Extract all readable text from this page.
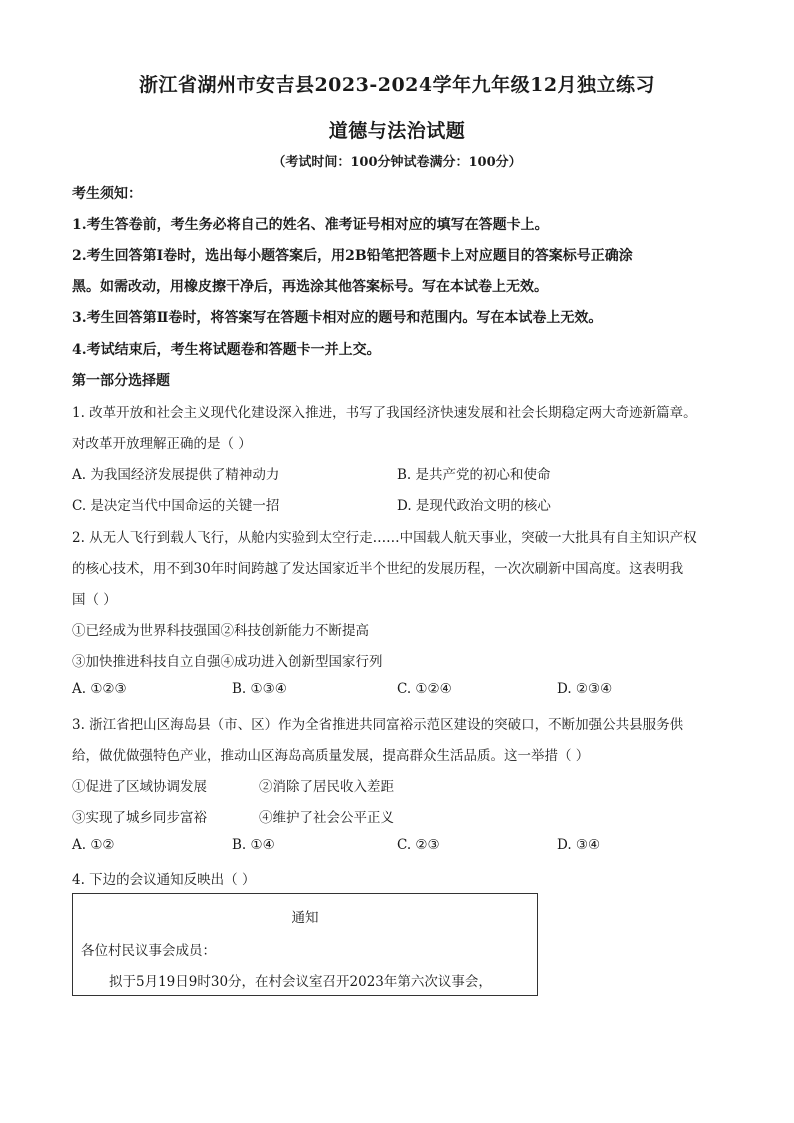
浙江省湖州市安吉县2023-2024学年九年级12月独立练习
道德与法治试题
（考试时间：100分钟试卷满分：100分）
考生须知：
1.考生答卷前，考生务必将自己的姓名、准考证号相对应的填写在答题卡上。
2.考生回答第Ⅰ卷时，选出每小题答案后，用2B铅笔把答题卡上对应题目的答案标号正确涂
黑。如需改动，用橡皮擦干净后，再选涂其他答案标号。写在本试卷上无效。
3.考生回答第Ⅱ卷时，将答案写在答题卡相对应的题号和范围内。写在本试卷上无效。
4.考试结束后，考生将试题卷和答题卡一并上交。
第一部分选择题
1. 改革开放和社会主义现代化建设深入推进，书写了我国经济快速发展和社会长期稳定两大奇迹新篇章。
对改革开放理解正确的是（ ）
A. 为我国经济发展提供了精神动力	B. 是共产党的初心和使命
C. 是决定当代中国命运的关键一招	D. 是现代政治文明的核心
2. 从无人飞行到载人飞行，从舱内实验到太空行走……中国载人航天事业，突破一大批具有自主知识产权
的核心技术，用不到30年时间跨越了发达国家近半个世纪的发展历程，一次次刷新中国高度。这表明我
国（ ）
①已经成为世界科技强国②科技创新能力不断提高
③加快推进科技自立自强④成功进入创新型国家行列
A. ①②③	B. ①③④	C. ①②④	D. ②③④
3. 浙江省把山区海岛县（市、区）作为全省推进共同富裕示范区建设的突破口，不断加强公共县服务供
给，做优做强特色产业，推动山区海岛高质量发展，提高群众生活品质。这一举措（ ）
①促进了区域协调发展	②消除了居民收入差距
③实现了城乡同步富裕	④维护了社会公平正义
A. ①②	B. ①④	C. ②③	D. ③④
4. 下边的会议通知反映出（ ）
通知
各位村民议事会成员：
拟于5月19日9时30分，在村会议室召开2023年第六次议事会，
